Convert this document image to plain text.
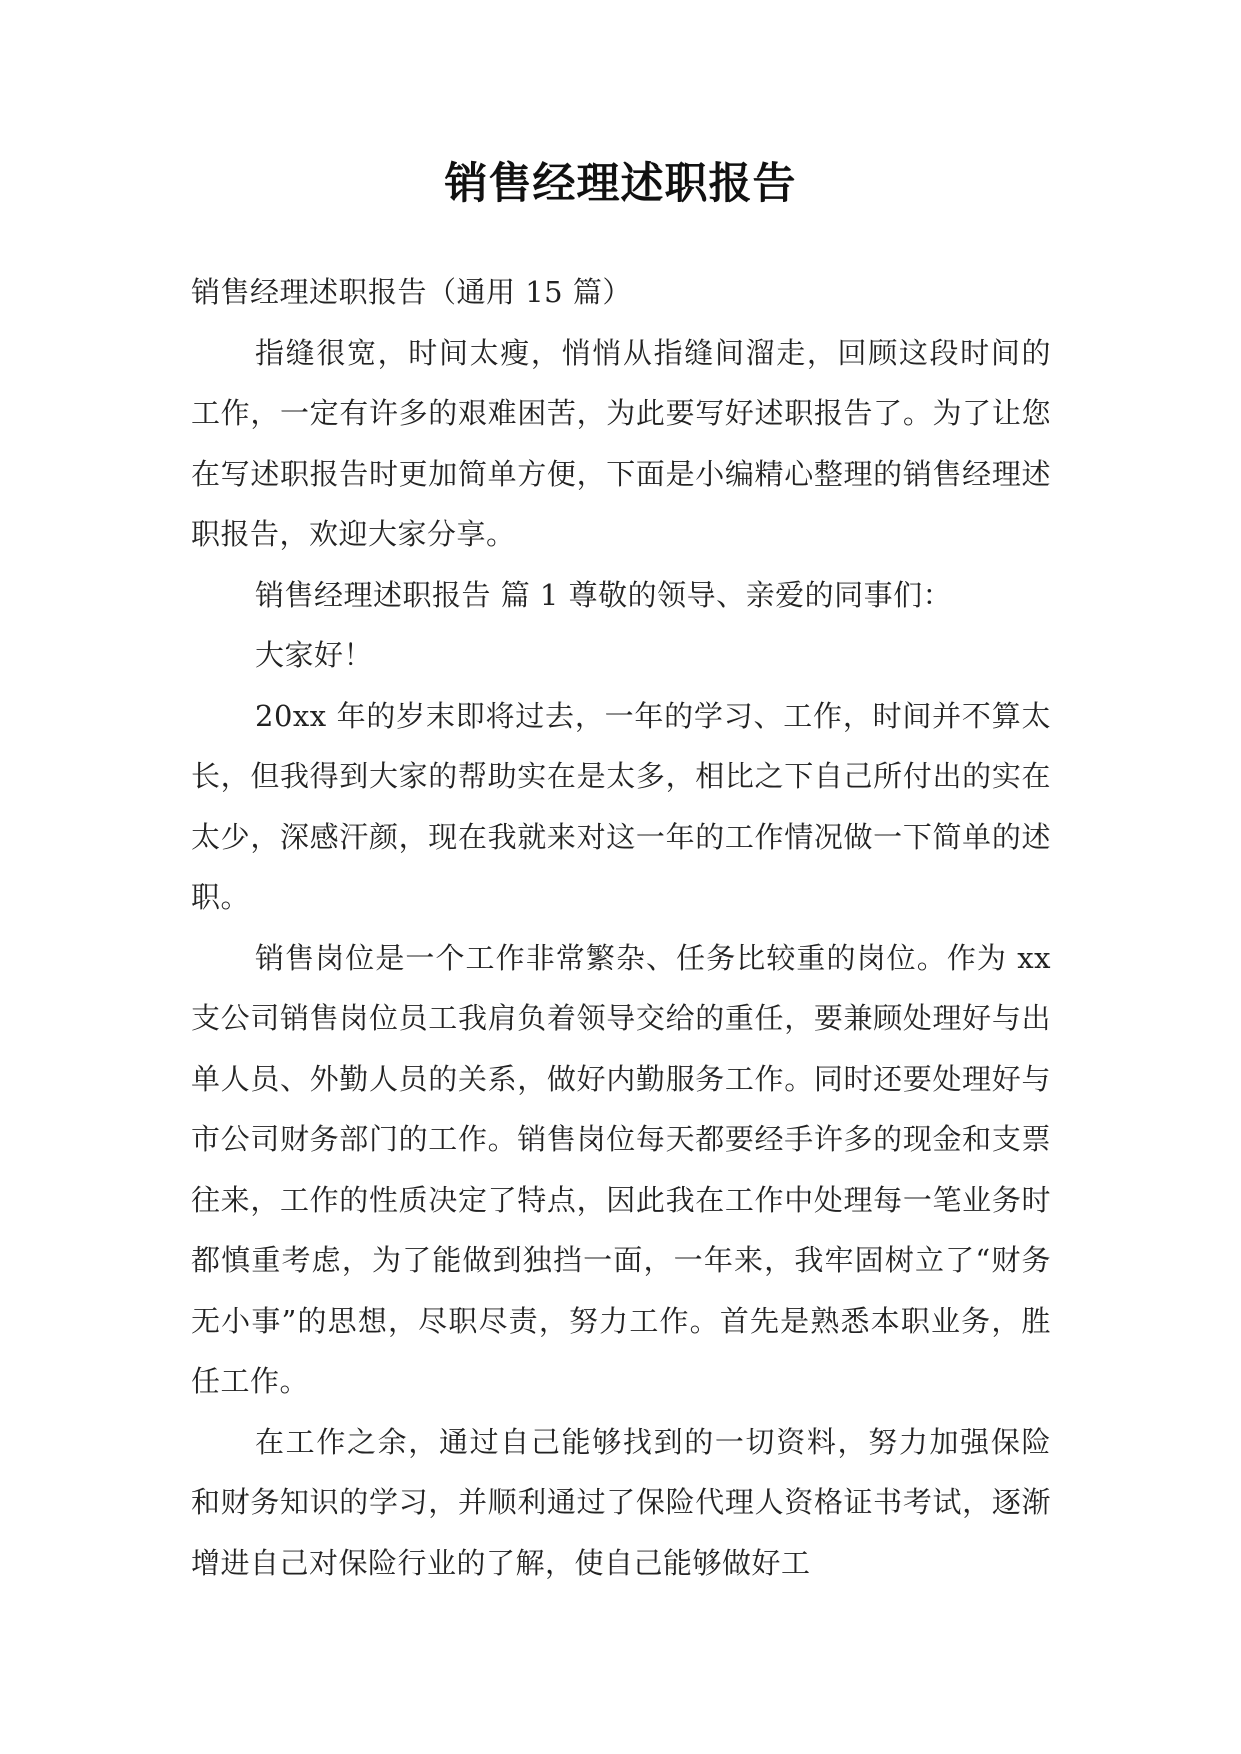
销售经理述职报告

销售经理述职报告（通用 15 篇）

指缝很宽，时间太瘦，悄悄从指缝间溜走，回顾这段时间的工作，一定有许多的艰难困苦，为此要写好述职报告了。为了让您在写述职报告时更加简单方便，下面是小编精心整理的销售经理述职报告，欢迎大家分享。

销售经理述职报告 篇 1 尊敬的领导、亲爱的同事们：

大家好！

20xx 年的岁末即将过去，一年的学习、工作，时间并不算太长，但我得到大家的帮助实在是太多，相比之下自己所付出的实在太少，深感汗颜，现在我就来对这一年的工作情况做一下简单的述职。

销售岗位是一个工作非常繁杂、任务比较重的岗位。作为 xx 支公司销售岗位员工我肩负着领导交给的重任，要兼顾处理好与出单人员、外勤人员的关系，做好内勤服务工作。同时还要处理好与市公司财务部门的工作。销售岗位每天都要经手许多的现金和支票往来，工作的性质决定了特点，因此我在工作中处理每一笔业务时都慎重考虑，为了能做到独挡一面，一年来，我牢固树立了“财务无小事”的思想，尽职尽责，努力工作。首先是熟悉本职业务，胜任工作。

在工作之余，通过自己能够找到的一切资料，努力加强保险和财务知识的学习，并顺利通过了保险代理人资格证书考试，逐渐增进自己对保险行业的了解，使自己能够做好工
